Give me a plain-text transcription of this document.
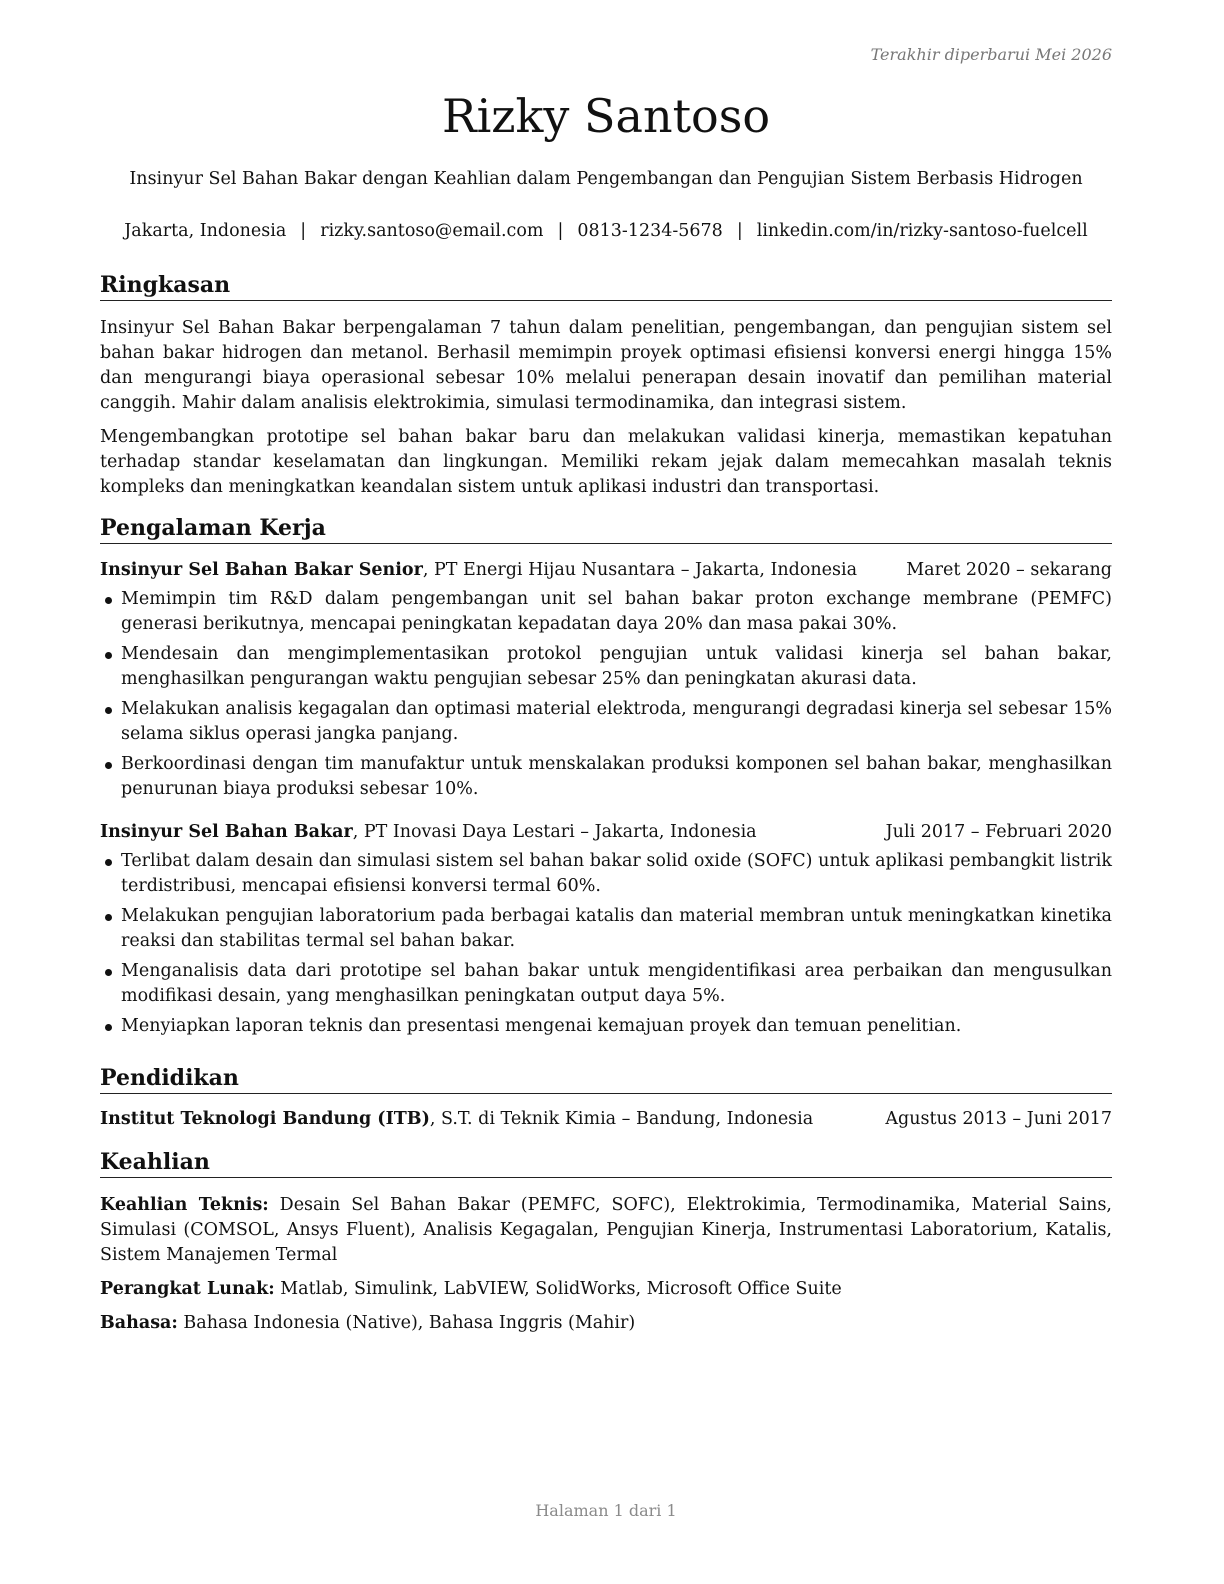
Terakhir diperbarui Mei 2026
Rizky Santoso
Insinyur Sel Bahan Bakar dengan Keahlian dalam Pengembangan dan Pengujian Sistem Berbasis Hidrogen
Jakarta, Indonesia | rizky.santoso@email.com | 0813-1234-5678 | linkedin.com/in/rizky-santoso-fuelcell
Ringkasan

Insinyur Sel Bahan Bakar berpengalaman 7 tahun dalam penelitian, pengembangan, dan pengujian sistem sel bahan bakar hidrogen dan metanol. Berhasil memimpin proyek optimasi efisiensi konversi energi hingga 15% dan mengurangi biaya operasional sebesar 10% melalui penerapan desain inovatif dan pemilihan material canggih. Mahir dalam analisis elektrokimia, simulasi termodinamika, dan integrasi sistem.

Mengembangkan prototipe sel bahan bakar baru dan melakukan validasi kinerja, memastikan kepatuhan terhadap standar keselamatan dan lingkungan. Memiliki rekam jejak dalam memecahkan masalah teknis kompleks dan meningkatkan keandalan sistem untuk aplikasi industri dan transportasi.

Pengalaman Kerja
Insinyur Sel Bahan Bakar Senior, PT Energi Hijau Nusantara – Jakarta, Indonesia	Maret 2020 – sekarang
Memimpin tim R&D dalam pengembangan unit sel bahan bakar proton exchange membrane (PEMFC) generasi berikutnya, mencapai peningkatan kepadatan daya 20% dan masa pakai 30%.
Mendesain dan mengimplementasikan protokol pengujian untuk validasi kinerja sel bahan bakar, menghasilkan pengurangan waktu pengujian sebesar 25% dan peningkatan akurasi data.
Melakukan analisis kegagalan dan optimasi material elektroda, mengurangi degradasi kinerja sel sebesar 15% selama siklus operasi jangka panjang.
Berkoordinasi dengan tim manufaktur untuk menskalakan produksi komponen sel bahan bakar, menghasilkan penurunan biaya produksi sebesar 10%.
Insinyur Sel Bahan Bakar, PT Inovasi Daya Lestari – Jakarta, Indonesia	Juli 2017 – Februari 2020
Terlibat dalam desain dan simulasi sistem sel bahan bakar solid oxide (SOFC) untuk aplikasi pembangkit listrik terdistribusi, mencapai efisiensi konversi termal 60%.
Melakukan pengujian laboratorium pada berbagai katalis dan material membran untuk meningkatkan kinetika reaksi dan stabilitas termal sel bahan bakar.
Menganalisis data dari prototipe sel bahan bakar untuk mengidentifikasi area perbaikan dan mengusulkan modifikasi desain, yang menghasilkan peningkatan output daya 5%.
Menyiapkan laporan teknis dan presentasi mengenai kemajuan proyek dan temuan penelitian.
Pendidikan
Institut Teknologi Bandung (ITB), S.T. di Teknik Kimia – Bandung, Indonesia	Agustus 2013 – Juni 2017
Keahlian

Keahlian Teknis: Desain Sel Bahan Bakar (PEMFC, SOFC), Elektrokimia, Termodinamika, Material Sains, Simulasi (COMSOL, Ansys Fluent), Analisis Kegagalan, Pengujian Kinerja, Instrumentasi Laboratorium, Katalis, Sistem Manajemen Termal

Perangkat Lunak: Matlab, Simulink, LabVIEW, SolidWorks, Microsoft Office Suite

Bahasa: Bahasa Indonesia (Native), Bahasa Inggris (Mahir)

Halaman 1 dari 1
